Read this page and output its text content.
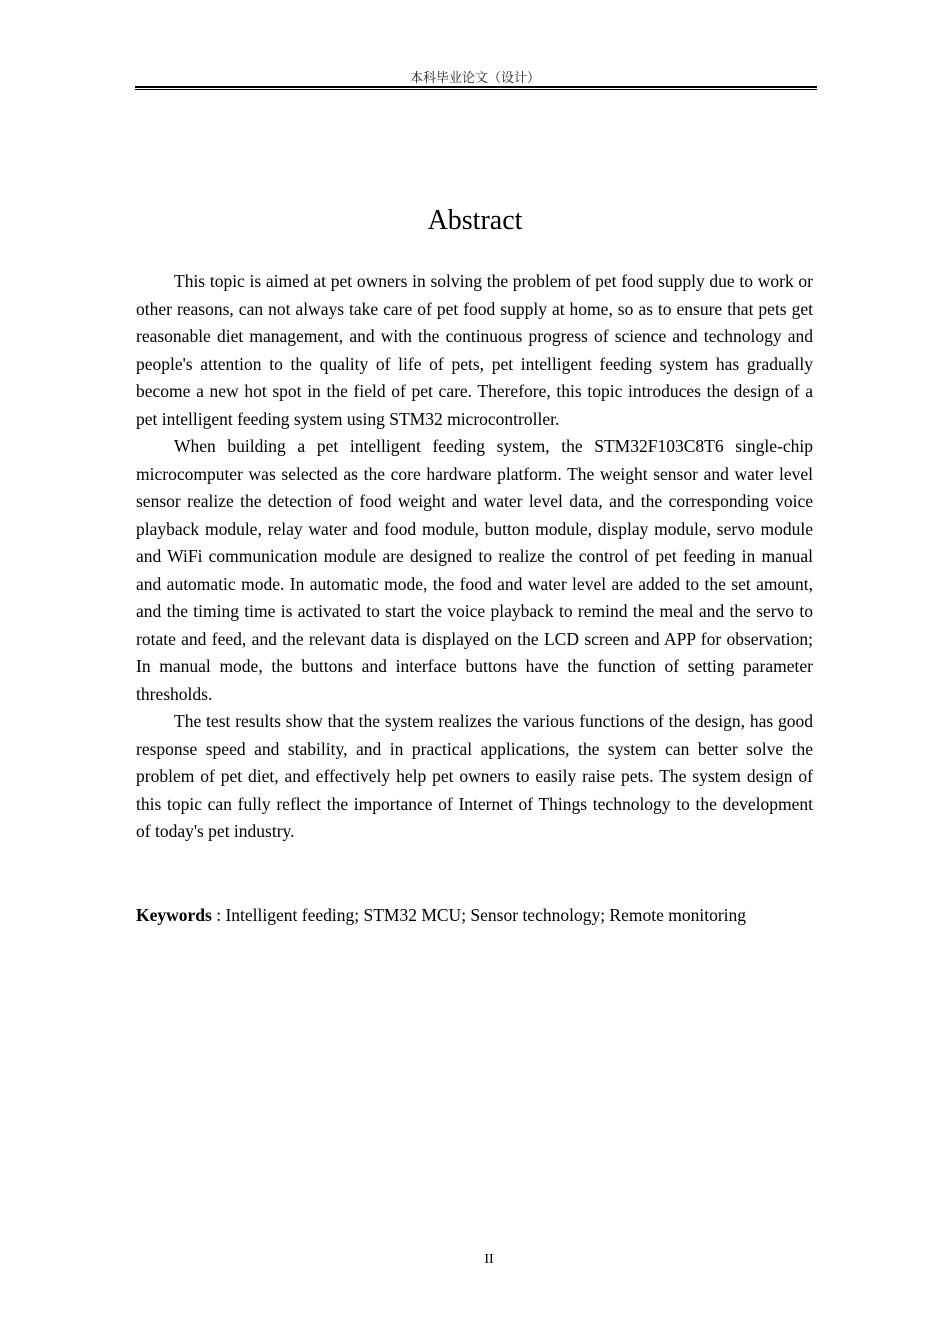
本科毕业论文（设计）
Abstract

This topic is aimed at pet owners in solving the problem of pet food supply due to work or other reasons, can not always take care of pet food supply at home, so as to ensure that pets get reasonable diet management, and with the continuous progress of science and technology and people's attention to the quality of life of pets, pet intelligent feeding system has gradually become a new hot spot in the field of pet care. Therefore, this topic introduces the design of a pet intelligent feeding system using STM32 microcontroller.

When building a pet intelligent feeding system, the STM32F103C8T6 single-chip microcomputer was selected as the core hardware platform. The weight sensor and water level sensor realize the detection of food weight and water level data, and the corresponding voice playback module, relay water and food module, button module, display module, servo module and WiFi communication module are designed to realize the control of pet feeding in manual and automatic mode. In automatic mode, the food and water level are added to the set amount, and the timing time is activated to start the voice playback to remind the meal and the servo to rotate and feed, and the relevant data is displayed on the LCD screen and APP for observation; In manual mode, the buttons and interface buttons have the function of setting parameter thresholds.

The test results show that the system realizes the various functions of the design, has good response speed and stability, and in practical applications, the system can better solve the problem of pet diet, and effectively help pet owners to easily raise pets. The system design of this topic can fully reflect the importance of Internet of Things technology to the development of today's pet industry.

Keywords : Intelligent feeding; STM32 MCU; Sensor technology; Remote monitoring
II
